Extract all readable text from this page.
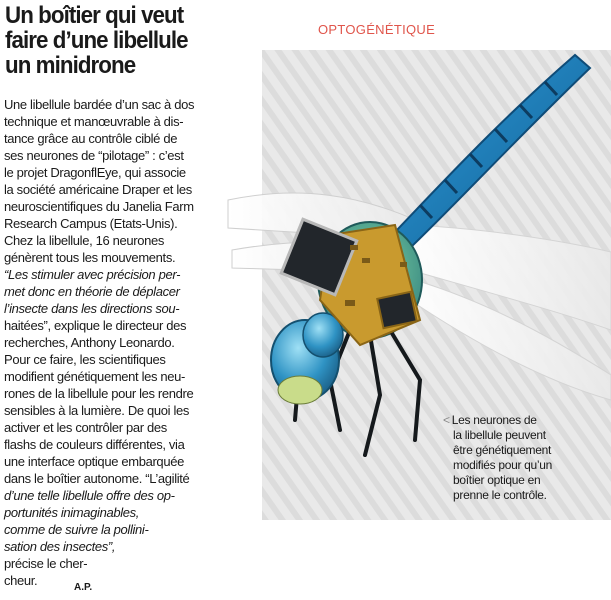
Un boîtier qui veut
faire d’une libellule
un minidrone
OPTOGÉNÉTIQUE
Une libellule bardée d’un sac à dos
technique et manœuvrable à dis-
tance grâce au contrôle ciblé de
ses neurones de “pilotage” : c’est
le projet DragonflEye, qui associe
la société américaine Draper et les
neuroscientifiques du Janelia Farm
Research Campus (Etats-Unis).
Chez la libellule, 16 neurones
génèrent tous les mouvements.
“Les stimuler avec précision per-
met donc en théorie de déplacer
l’insecte dans les directions sou-
haitées”, explique le directeur des
recherches, Anthony Leonardo.
Pour ce faire, les scientifiques
modifient génétiquement les neu-
rones de la libellule pour les rendre
sensibles à la lumière. De quoi les
activer et les contrôler par des
flashs de couleurs différentes, via
une interface optique embarquée
dans le boîtier autonome. “L’agilité
d’une telle libellule offre des op-
portunités inimaginables,
comme de suivre la pollini-
sation des insectes”,
précise le cher-
cheur.	A.P.
< Les neurones de
la libellule peuvent
être génétiquement
modifiés pour qu’un
boîtier optique en
prenne le contrôle.
